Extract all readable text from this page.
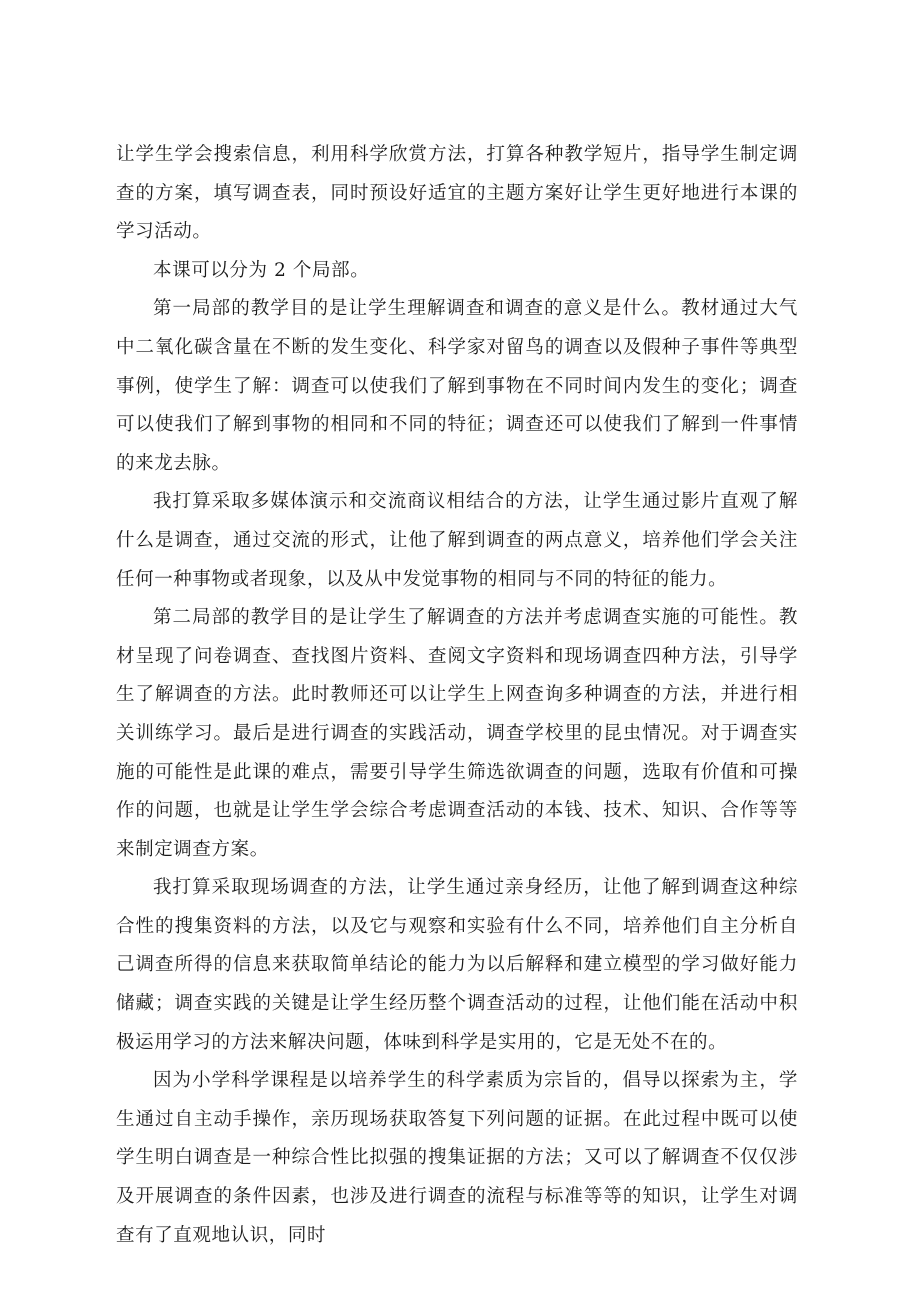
让学生学会搜索信息，利用科学欣赏方法，打算各种教学短片，指导学生制定调查的方案，填写调查表，同时预设好适宜的主题方案好让学生更好地进行本课的学习活动。

本课可以分为 2 个局部。

第一局部的教学目的是让学生理解调查和调查的意义是什么。教材通过大气中二氧化碳含量在不断的发生变化、科学家对留鸟的调查以及假种子事件等典型事例，使学生了解：调查可以使我们了解到事物在不同时间内发生的变化；调查可以使我们了解到事物的相同和不同的特征；调查还可以使我们了解到一件事情的来龙去脉。

我打算采取多媒体演示和交流商议相结合的方法，让学生通过影片直观了解什么是调查，通过交流的形式，让他了解到调查的两点意义，培养他们学会关注任何一种事物或者现象，以及从中发觉事物的相同与不同的特征的能力。

第二局部的教学目的是让学生了解调查的方法并考虑调查实施的可能性。教材呈现了问卷调查、查找图片资料、查阅文字资料和现场调查四种方法，引导学生了解调查的方法。此时教师还可以让学生上网查询多种调查的方法，并进行相关训练学习。最后是进行调查的实践活动，调查学校里的昆虫情况。对于调查实施的可能性是此课的难点，需要引导学生筛选欲调查的问题，选取有价值和可操作的问题，也就是让学生学会综合考虑调查活动的本钱、技术、知识、合作等等来制定调查方案。

我打算采取现场调查的方法，让学生通过亲身经历，让他了解到调查这种综合性的搜集资料的方法，以及它与观察和实验有什么不同，培养他们自主分析自己调查所得的信息来获取简单结论的能力为以后解释和建立模型的学习做好能力储藏；调查实践的关键是让学生经历整个调查活动的过程，让他们能在活动中积极运用学习的方法来解决问题，体味到科学是实用的，它是无处不在的。

因为小学科学课程是以培养学生的科学素质为宗旨的，倡导以探索为主，学生通过自主动手操作，亲历现场获取答复下列问题的证据。在此过程中既可以使学生明白调查是一种综合性比拟强的搜集证据的方法；又可以了解调查不仅仅涉及开展调查的条件因素，也涉及进行调查的流程与标准等等的知识，让学生对调查有了直观地认识，同时
